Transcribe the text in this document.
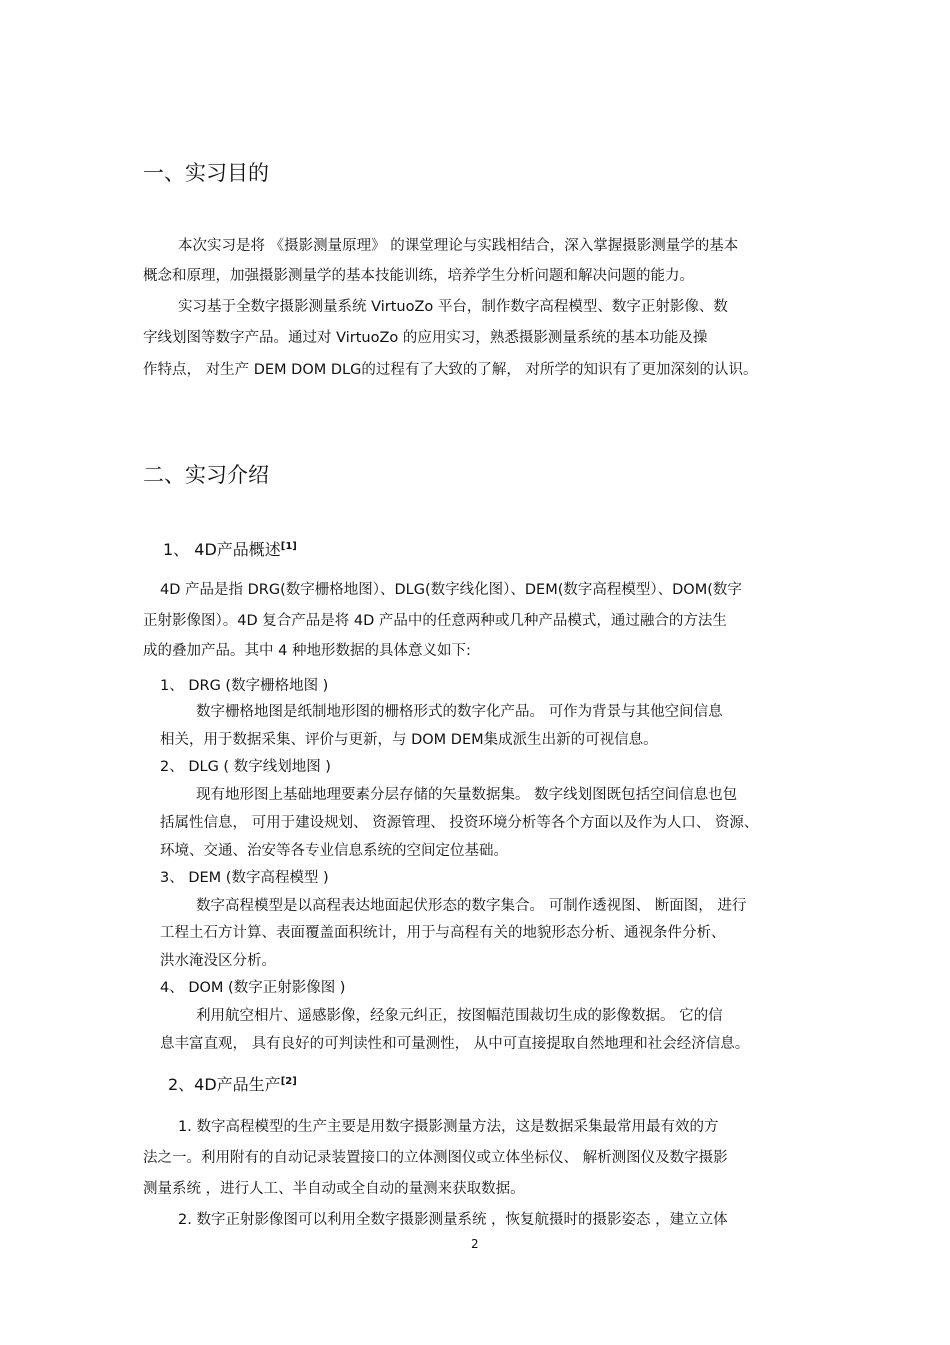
一、实习目的
本次实习是将 《摄影测量原理》 的课堂理论与实践相结合，深入掌握摄影测量学的基本
概念和原理，加强摄影测量学的基本技能训练，培养学生分析问题和解决问题的能力。
实习基于全数字摄影测量系统 VirtuoZo 平台，制作数字高程模型、数字正射影像、数
字线划图等数字产品。通过对 VirtuoZo 的应用实习，熟悉摄影测量系统的基本功能及操
作特点， 对生产 DEM DOM DLG的过程有了大致的了解， 对所学的知识有了更加深刻的认识。
二、实习介绍
1、 4D产品概述[1]
4D 产品是指 DRG(数字栅格地图）、DLG(数字线化图）、DEM(数字高程模型）、DOM(数字
正射影像图）。4D 复合产品是将 4D 产品中的任意两种或几种产品模式，通过融合的方法生
成的叠加产品。其中 4 种地形数据的具体意义如下:
1、 DRG (数字栅格地图 )
数字栅格地图是纸制地形图的栅格形式的数字化产品。 可作为背景与其他空间信息
相关，用于数据采集、评价与更新，与 DOM DEM集成派生出新的可视信息。
2、 DLG ( 数字线划地图 )
现有地形图上基础地理要素分层存储的矢量数据集。 数字线划图既包括空间信息也包
括属性信息， 可用于建设规划、 资源管理、 投资环境分析等各个方面以及作为人口、 资源、
环境、交通、治安等各专业信息系统的空间定位基础。
3、 DEM (数字高程模型 )
数字高程模型是以高程表达地面起伏形态的数字集合。 可制作透视图、 断面图， 进行
工程土石方计算、表面覆盖面积统计，用于与高程有关的地貌形态分析、通视条件分析、
洪水淹没区分析。
4、 DOM (数字正射影像图 )
利用航空相片、遥感影像，经象元纠正，按图幅范围裁切生成的影像数据。 它的信
息丰富直观， 具有良好的可判读性和可量测性， 从中可直接提取自然地理和社会经济信息。
2、4D产品生产[2]
1. 数字高程模型的生产主要是用数字摄影测量方法，这是数据采集最常用最有效的方
法之一。利用附有的自动记录装置接口的立体测图仪或立体坐标仪、 解析测图仪及数字摄影
测量系统 ，进行人工、半自动或全自动的量测来获取数据。
2. 数字正射影像图可以利用全数字摄影测量系统 ，恢复航摄时的摄影姿态 ，建立立体
2
